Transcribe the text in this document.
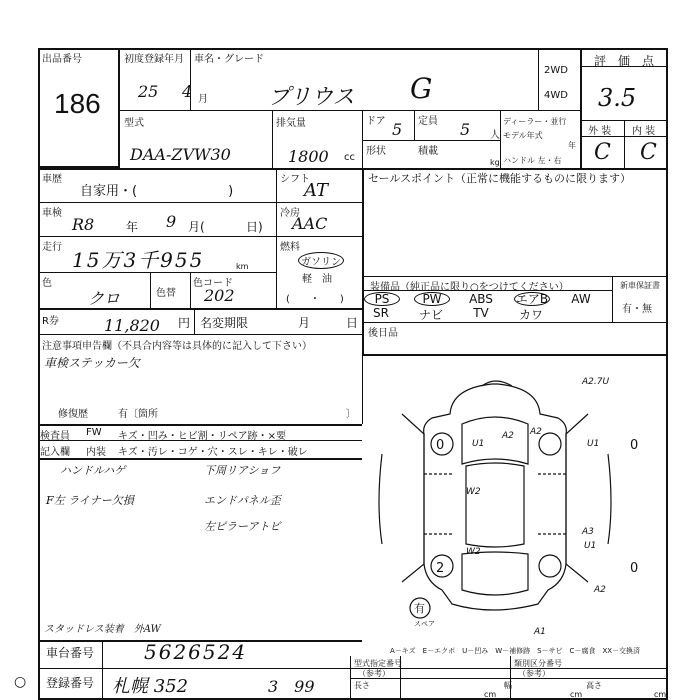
出品番号
186
初度登録年月
25 4 月
車名・グレード
プリウス G
2WD
4WD
評　価　点
3.5
型式
DAA-ZVW30
排気量
1800 cc
ドア 5 定員 5 人
形状	積載
kg
ディーラー・並行
モデル年式
年
ハンドル 左・右
外 装 内 装
C C
車歴
自家用・(　　　　　　　)
車検
R8	年 9 月(	日)
走行
15万3千955	km
色
クロ	色替
色コード
202
シフト
AT
冷房
AAC
燃料
ガソリン
軽　油
(　　・　　)
セールスポイント（正常に機能するものに限ります）
装備品（純正品に限り○をつけてください）	新車保証書
有・無
PS	PW	ABS	エアB	AW
SR	ナビ	TV	カワ
後日品
R券	11,820 円 名変期限	月	日
注意事項申告欄（不具合内容等は具体的に記入して下さい）
車検ステッカー欠
修復歴	有〔箇所	〕
検査員 FW キズ・凹み・ヒビ割・リペア跡・×要
記入欄 内装 キズ・汚レ・コゲ・穴・スレ・キレ・破レ
ハンドルハゲ
F左 ライナー欠損
スタッドレス装着　外AW
下周リアショフ
エンドパネル歪
左ピラーアトビ
A2.7U
A2
U1	U1
W2
A3
U1
W2
A2
A1
A2
0	0
2	0
有
スペア
A－キズ　E－エクボ　U－凹み　W－補修跡　S－サビ　C－腐食　XX－交換済
車台番号 5626524
登録番号
○	札幌 352	3　99
型式指定番号
（参考）
類別区分番号
（参考）
長さ
cm
幅
cm
高さ
cm
